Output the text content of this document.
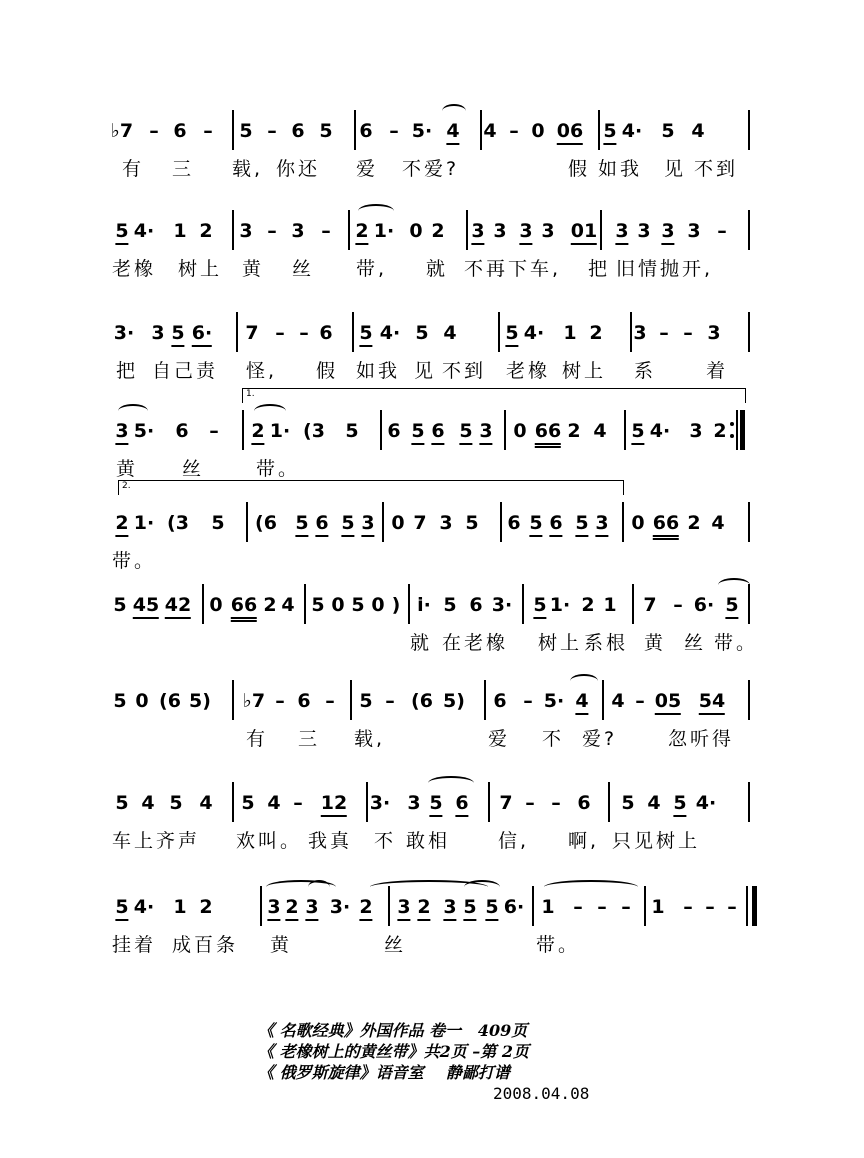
♭7 – 6 – 5 – 6 5 6 – 5· 4 4 – 0 06 5 4· 5 4
有 三 载, 你还 爱 不爱?	假 如我 见 不到
5 4· 1 2 3 – 3 – 2 1· 0 2 3 3 3 3 01 3 3 3 3 –
老橡 树上 黄 丝 带, 就 不再下车, 把 旧情抛开,
3· 3 5 6· 7 – – 6 5 4· 5 4	5 4· 1 2 3 – – 3
把 自己责 怪, 假 如我 见 不到 老橡 树上 系	着
3 5· 6 – 2 1· (3 5 6 5 6 5 3 0 66 2 4 5 4· 3 2
1.
黄 丝	带。
2 1· (3 5 (6 5 6 5 3 0 7 3 5 6 5 6 5 3 0 66 2 4
2.
带。
5 45 42 0 66 2 4 5 0 5 0 ) i· 5 6 3· 5 1· 2 1 7 – 6· 5
就 在老橡 树上 系根 黄 丝 带。
5 0 (6 5) ♭7 – 6 – 5 – (6 5) 6 – 5· 4 4 – 05 54
有 三 载,	爱 不 爱?	忽听得
5 4 5 4 5 4 – 12 3· 3 5 6 7 – – 6 5 4 5 4·
车上齐声 欢叫。 我真 不 敢相	信, 啊, 只见树上
5 4· 1 2	3 2 3 3· 2 3 2 3 5 5 6· 1 – – – 1 – – –
挂着 成百条 黄	丝	带。
《 名歌经典》外国作品 卷一   409页
《 老橡树上的黄丝带》共2页 –第 2页
《 俄罗斯旋律》语音室    静鄙打谱
2008.04.08
